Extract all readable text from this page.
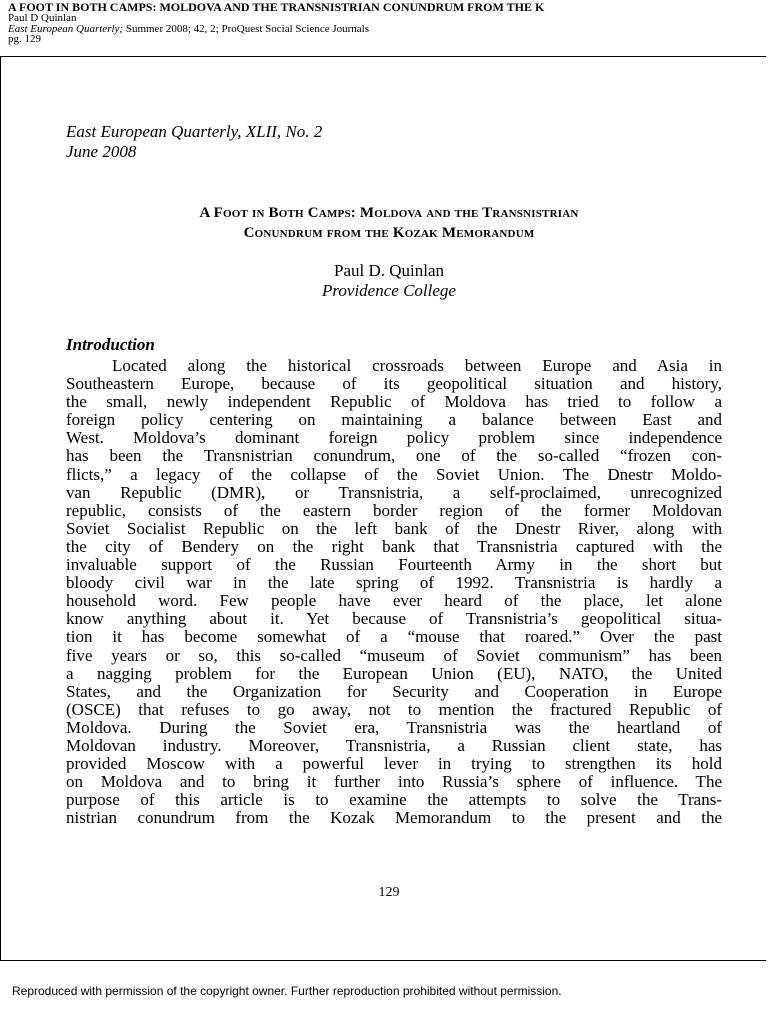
A FOOT IN BOTH CAMPS: MOLDOVA AND THE TRANSNISTRIAN CONUNDRUM FROM THE K
Paul D Quinlan
East European Quarterly; Summer 2008; 42, 2; ProQuest Social Science Journals
pg. 129
East European Quarterly, XLII, No. 2
June 2008
A Foot in Both Camps: Moldova and the Transnistrian
Conundrum from the Kozak Memorandum
Paul D. Quinlan
Providence College
Introduction
Located along the historical crossroads between Europe and Asia in
Southeastern Europe, because of its geopolitical situation and history,
the small, newly independent Republic of Moldova has tried to follow a
foreign policy centering on maintaining a balance between East and
West. Moldova’s dominant foreign policy problem since independence
has been the Transnistrian conundrum, one of the so-called “frozen con-
flicts,” a legacy of the collapse of the Soviet Union. The Dnestr Moldo-
van Republic (DMR), or Transnistria, a self-proclaimed, unrecognized
republic, consists of the eastern border region of the former Moldovan
Soviet Socialist Republic on the left bank of the Dnestr River, along with
the city of Bendery on the right bank that Transnistria captured with the
invaluable support of the Russian Fourteenth Army in the short but
bloody civil war in the late spring of 1992. Transnistria is hardly a
household word. Few people have ever heard of the place, let alone
know anything about it. Yet because of Transnistria’s geopolitical situa-
tion it has become somewhat of a “mouse that roared.” Over the past
five years or so, this so-called “museum of Soviet communism” has been
a nagging problem for the European Union (EU), NATO, the United
States, and the Organization for Security and Cooperation in Europe
(OSCE) that refuses to go away, not to mention the fractured Republic of
Moldova. During the Soviet era, Transnistria was the heartland of
Moldovan industry. Moreover, Transnistria, a Russian client state, has
provided Moscow with a powerful lever in trying to strengthen its hold
on Moldova and to bring it further into Russia’s sphere of influence. The
purpose of this article is to examine the attempts to solve the Trans-
nistrian conundrum from the Kozak Memorandum to the present and the
129
Reproduced with permission of the copyright owner. Further reproduction prohibited without permission.
